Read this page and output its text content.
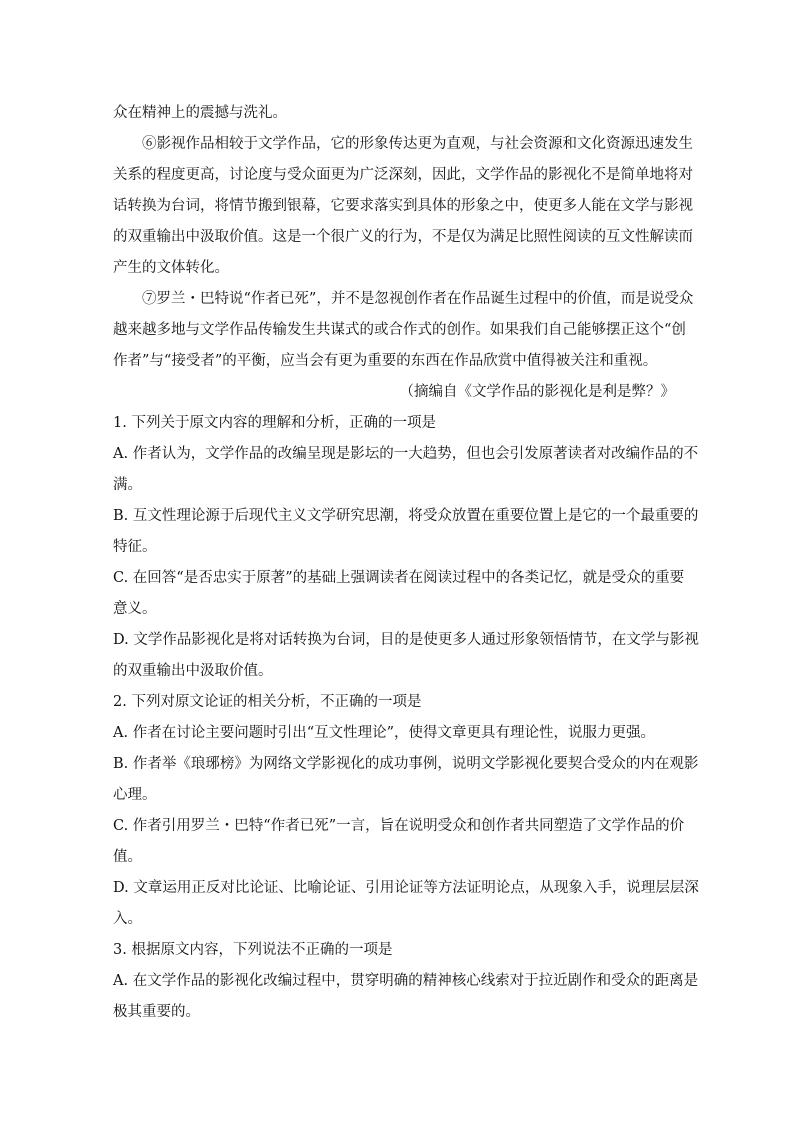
众在精神上的震撼与洗礼。
⑥影视作品相较于文学作品，它的形象传达更为直观，与社会资源和文化资源迅速发生
关系的程度更高，讨论度与受众面更为广泛深刻，因此，文学作品的影视化不是简单地将对
话转换为台词，将情节搬到银幕，它要求落实到具体的形象之中，使更多人能在文学与影视
的双重输出中汲取价值。这是一个很广义的行为，不是仅为满足比照性阅读的互文性解读而
产生的文体转化。
⑦罗兰・巴特说“作者已死”，并不是忽视创作者在作品诞生过程中的价值，而是说受众
越来越多地与文学作品传输发生共谋式的或合作式的创作。如果我们自己能够摆正这个“创
作者”与“接受者”的平衡，应当会有更为重要的东西在作品欣赏中值得被关注和重视。
（摘编自《文学作品的影视化是利是弊？》
1. 下列关于原文内容的理解和分析，正确的一项是
A. 作者认为，文学作品的改编呈现是影坛的一大趋势，但也会引发原著读者对改编作品的不
满。
B. 互文性理论源于后现代主义文学研究思潮，将受众放置在重要位置上是它的一个最重要的
特征。
C. 在回答“是否忠实于原著”的基础上强调读者在阅读过程中的各类记忆，就是受众的重要
意义。
D. 文学作品影视化是将对话转换为台词，目的是使更多人通过形象领悟情节，在文学与影视
的双重输出中汲取价值。
2. 下列对原文论证的相关分析，不正确的一项是
A. 作者在讨论主要问题时引出“互文性理论”，使得文章更具有理论性，说服力更强。
B. 作者举《琅琊榜》为网络文学影视化的成功事例，说明文学影视化要契合受众的内在观影
心理。
C. 作者引用罗兰・巴特“作者已死”一言，旨在说明受众和创作者共同塑造了文学作品的价
值。
D. 文章运用正反对比论证、比喻论证、引用论证等方法证明论点，从现象入手，说理层层深
入。
3. 根据原文内容，下列说法不正确的一项是
A. 在文学作品的影视化改编过程中，贯穿明确的精神核心线索对于拉近剧作和受众的距离是
极其重要的。
